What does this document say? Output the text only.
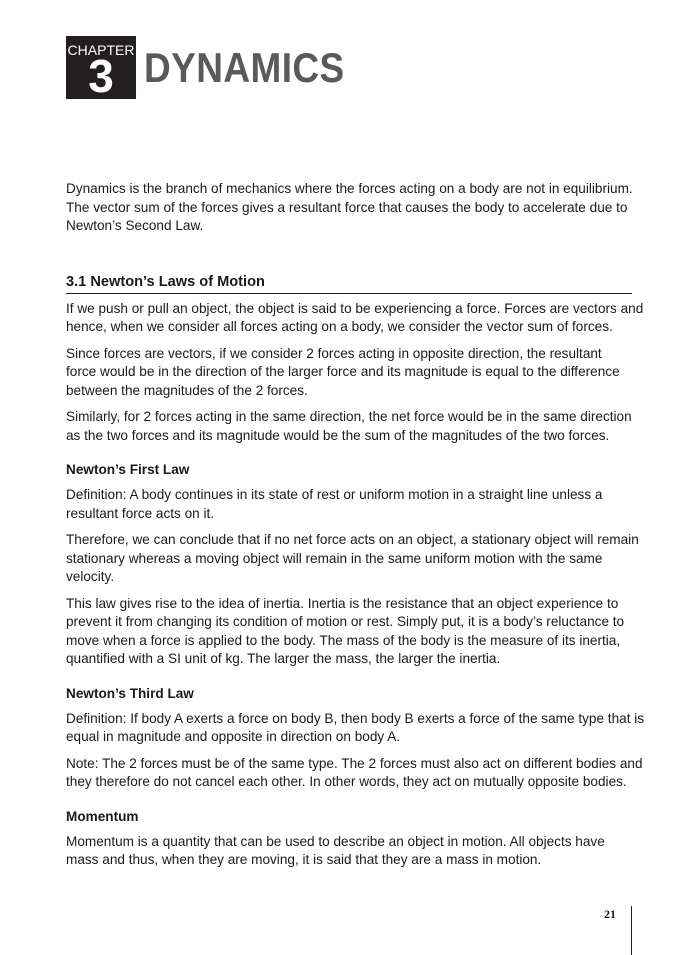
CHAPTER
3 DYNAMICS

Dynamics is the branch of mechanics where the forces acting on a body are not in equilibrium.
The vector sum of the forces gives a resultant force that causes the body to accelerate due to
Newton’s Second Law.

3.1 Newton’s Laws of Motion

If we push or pull an object, the object is said to be experiencing a force. Forces are vectors and
hence, when we consider all forces acting on a body, we consider the vector sum of forces.

Since forces are vectors, if we consider 2 forces acting in opposite direction, the resultant
force would be in the direction of the larger force and its magnitude is equal to the difference
between the magnitudes of the 2 forces.

Similarly, for 2 forces acting in the same direction, the net force would be in the same direction
as the two forces and its magnitude would be the sum of the magnitudes of the two forces.

Newton’s First Law

Definition: A body continues in its state of rest or uniform motion in a straight line unless a
resultant force acts on it.

Therefore, we can conclude that if no net force acts on an object, a stationary object will remain
stationary whereas a moving object will remain in the same uniform motion with the same
velocity.

This law gives rise to the idea of inertia. Inertia is the resistance that an object experience to
prevent it from changing its condition of motion or rest. Simply put, it is a body’s reluctance to
move when a force is applied to the body. The mass of the body is the measure of its inertia,
quantified with a SI unit of kg. The larger the mass, the larger the inertia.

Newton’s Third Law

Definition: If body A exerts a force on body B, then body B exerts a force of the same type that is
equal in magnitude and opposite in direction on body A.

Note: The 2 forces must be of the same type. The 2 forces must also act on different bodies and
they therefore do not cancel each other. In other words, they act on mutually opposite bodies.

Momentum

Momentum is a quantity that can be used to describe an object in motion. All objects have
mass and thus, when they are moving, it is said that they are a mass in motion.

21
